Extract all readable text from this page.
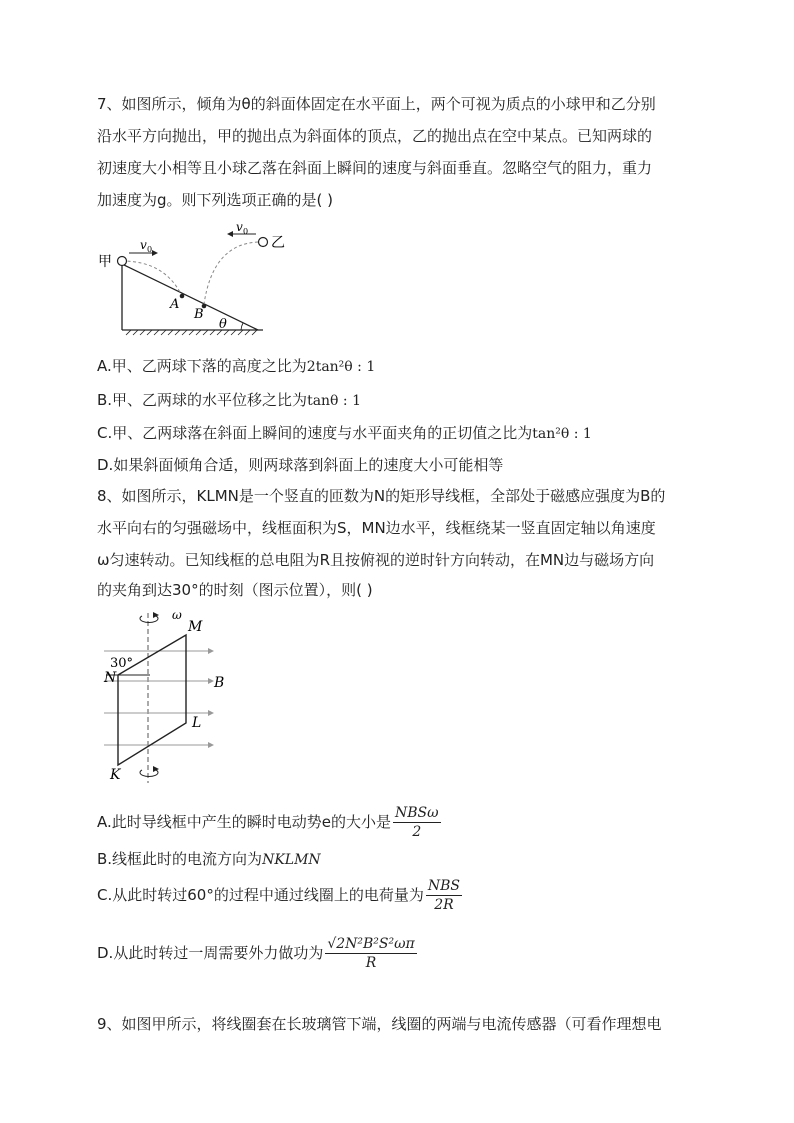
7、如图所示，倾角为θ的斜面体固定在水平面上，两个可视为质点的小球甲和乙分别
沿水平方向抛出，甲的抛出点为斜面体的顶点，乙的抛出点在空中某点。已知两球的
初速度大小相等且小球乙落在斜面上瞬间的速度与斜面垂直。忽略空气的阻力，重力
加速度为g。则下列选项正确的是( )
甲
乙
v 0
v 0
A
B
θ
A.甲、乙两球下落的高度之比为2tan²θ : 1
B.甲、乙两球的水平位移之比为tanθ : 1
C.甲、乙两球落在斜面上瞬间的速度与水平面夹角的正切值之比为tan²θ : 1
D.如果斜面倾角合适，则两球落到斜面上的速度大小可能相等
8、如图所示，KLMN是一个竖直的匝数为N的矩形导线框，全部处于磁感应强度为B的
水平向右的匀强磁场中，线框面积为S，MN边水平，线框绕某一竖直固定轴以角速度
ω匀速转动。已知线框的总电阻为R且按俯视的逆时针方向转动，在MN边与磁场方向
的夹角到达30°的时刻（图示位置），则( )
ω
M
30°
N	B
L
K
A.此时导线框中产生的瞬时电动势e的大小是 $\frac{\text{NBSω}}{2}$
B.线框此时的电流方向为NKLMN
C.从此时转过60°的过程中通过线圈上的电荷量为 $\frac{\text{NBS}}{2R}$
D.从此时转过一周需要外力做功为 $\frac{\text{√2N²B²S²ωπ}}{R}$
9、如图甲所示，将线圈套在长玻璃管下端，线圈的两端与电流传感器（可看作理想电
